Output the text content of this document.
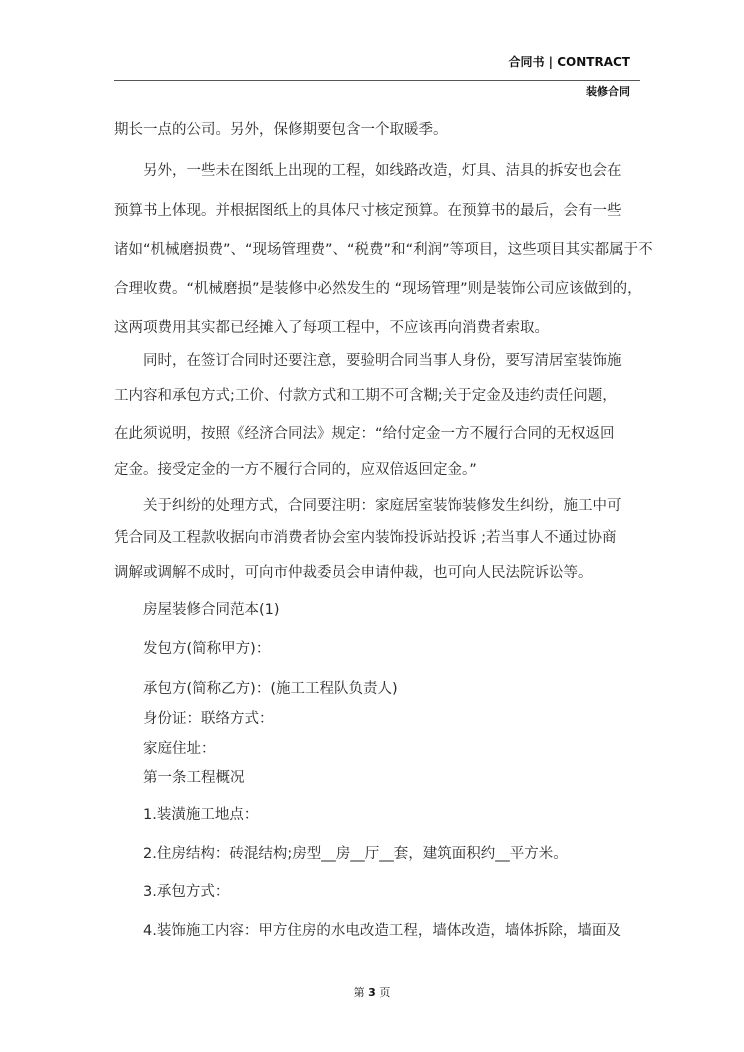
合同书 | CONTRACT
装修合同
期长一点的公司。另外，保修期要包含一个取暖季。
另外，一些未在图纸上出现的工程，如线路改造，灯具、洁具的拆安也会在
预算书上体现。并根据图纸上的具体尺寸核定预算。在预算书的最后，会有一些
诸如“机械磨损费”、“现场管理费”、“税费”和“利润”等项目，这些项目其实都属于不
合理收费。“机械磨损”是装修中必然发生的 “现场管理”则是装饰公司应该做到的，
这两项费用其实都已经摊入了每项工程中，不应该再向消费者索取。
同时，在签订合同时还要注意，要验明合同当事人身份，要写清居室装饰施
工内容和承包方式;工价、付款方式和工期不可含糊;关于定金及违约责任问题，
在此须说明，按照《经济合同法》规定：“给付定金一方不履行合同的无权返回
定金。接受定金的一方不履行合同的，应双倍返回定金。”
关于纠纷的处理方式，合同要注明：家庭居室装饰装修发生纠纷，施工中可
凭合同及工程款收据向市消费者协会室内装饰投诉站投诉 ;若当事人不通过协商
调解或调解不成时，可向市仲裁委员会申请仲裁，也可向人民法院诉讼等。
房屋装修合同范本(1)
发包方(简称甲方)：
承包方(简称乙方)：(施工工程队负责人)
身份证：联络方式：
家庭住址：
第一条工程概况
1.装潢施工地点：
2.住房结构：砖混结构;房型__房__厅__套，建筑面积约__平方米。
3.承包方式：
4.装饰施工内容：甲方住房的水电改造工程，墙体改造，墙体拆除，墙面及
第 3 页
